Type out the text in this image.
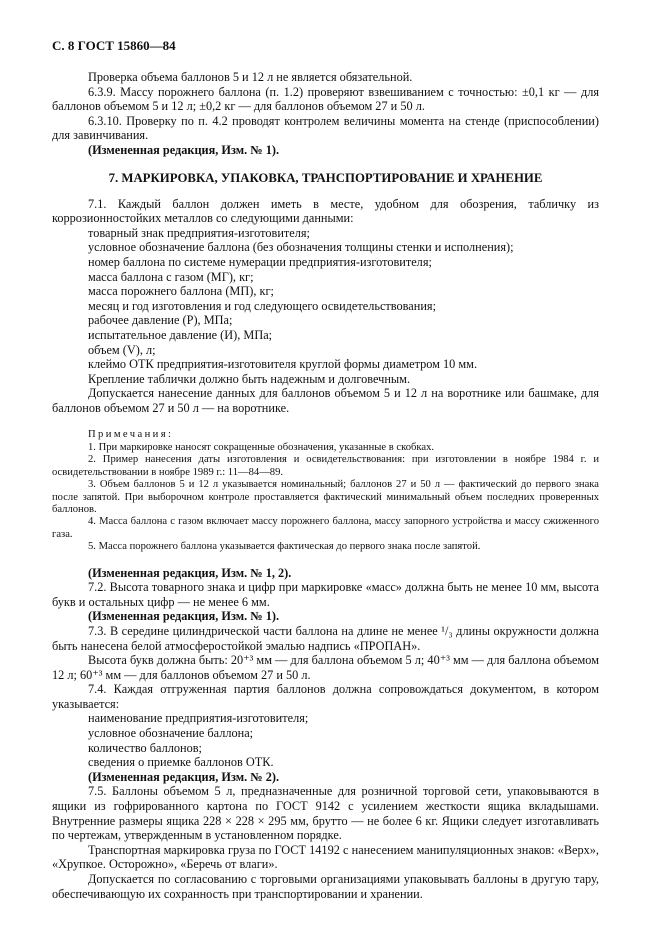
С. 8 ГОСТ 15860—84

Проверка объема баллонов 5 и 12 л не является обязательной.

6.3.9. Массу порожнего баллона (п. 1.2) проверяют взвешиванием с точностью: ±0,1 кг — для баллонов объемом 5 и 12 л; ±0,2 кг — для баллонов объемом 27 и 50 л.

6.3.10. Проверку по п. 4.2 проводят контролем величины момента на стенде (приспособлении) для завинчивания.

(Измененная редакция, Изм. № 1).

7. МАРКИРОВКА, УПАКОВКА, ТРАНСПОРТИРОВАНИЕ И ХРАНЕНИЕ

7.1. Каждый баллон должен иметь в месте, удобном для обозрения, табличку из коррозионностойких металлов со следующими данными:

товарный знак предприятия-изготовителя;

условное обозначение баллона (без обозначения толщины стенки и исполнения);

номер баллона по системе нумерации предприятия-изготовителя;

масса баллона с газом (МГ), кг;

масса порожнего баллона (МП), кг;

месяц и год изготовления и год следующего освидетельствования;

рабочее давление (Р), МПа;

испытательное давление (И), МПа;

объем (V), л;

клеймо ОТК предприятия-изготовителя круглой формы диаметром 10 мм.

Крепление таблички должно быть надежным и долговечным.

Допускается нанесение данных для баллонов объемом 5 и 12 л на воротнике или башмаке, для баллонов объемом 27 и 50 л — на воротнике.

Примечания:

1. При маркировке наносят сокращенные обозначения, указанные в скобках.

2. Пример нанесения даты изготовления и освидетельствования: при изготовлении в ноябре 1984 г. и освидетельствовании в ноябре 1989 г.: 11—84—89.

3. Объем баллонов 5 и 12 л указывается номинальный; баллонов 27 и 50 л — фактический до первого знака после запятой. При выборочном контроле проставляется фактический минимальный объем последних проверенных баллонов.

4. Масса баллона с газом включает массу порожнего баллона, массу запорного устройства и массу сжиженного газа.

5. Масса порожнего баллона указывается фактическая до первого знака после запятой.

(Измененная редакция, Изм. № 1, 2).

7.2. Высота товарного знака и цифр при маркировке «масс» должна быть не менее 10 мм, высота букв и остальных цифр — не менее 6 мм.

(Измененная редакция, Изм. № 1).

7.3. В середине цилиндрической части баллона на длине не менее ¹/₃ длины окружности должна быть нанесена белой атмосферостойкой эмалью надпись «ПРОПАН».

Высота букв должна быть: 20⁺³ мм — для баллона объемом 5 л; 40⁺³ мм — для баллона объемом 12 л; 60⁺³ мм — для баллонов объемом 27 и 50 л.

7.4. Каждая отгруженная партия баллонов должна сопровождаться документом, в котором указывается:

наименование предприятия-изготовителя;

условное обозначение баллона;

количество баллонов;

сведения о приемке баллонов ОТК.

(Измененная редакция, Изм. № 2).

7.5. Баллоны объемом 5 л, предназначенные для розничной торговой сети, упаковываются в ящики из гофрированного картона по ГОСТ 9142 с усилением жесткости ящика вкладышами. Внутренние размеры ящика 228 × 228 × 295 мм, брутто — не более 6 кг. Ящики следует изготавливать по чертежам, утвержденным в установленном порядке.

Транспортная маркировка груза по ГОСТ 14192 с нанесением манипуляционных знаков: «Верх», «Хрупкое. Осторожно», «Беречь от влаги».

Допускается по согласованию с торговыми организациями упаковывать баллоны в другую тару, обеспечивающую их сохранность при транспортировании и хранении.
